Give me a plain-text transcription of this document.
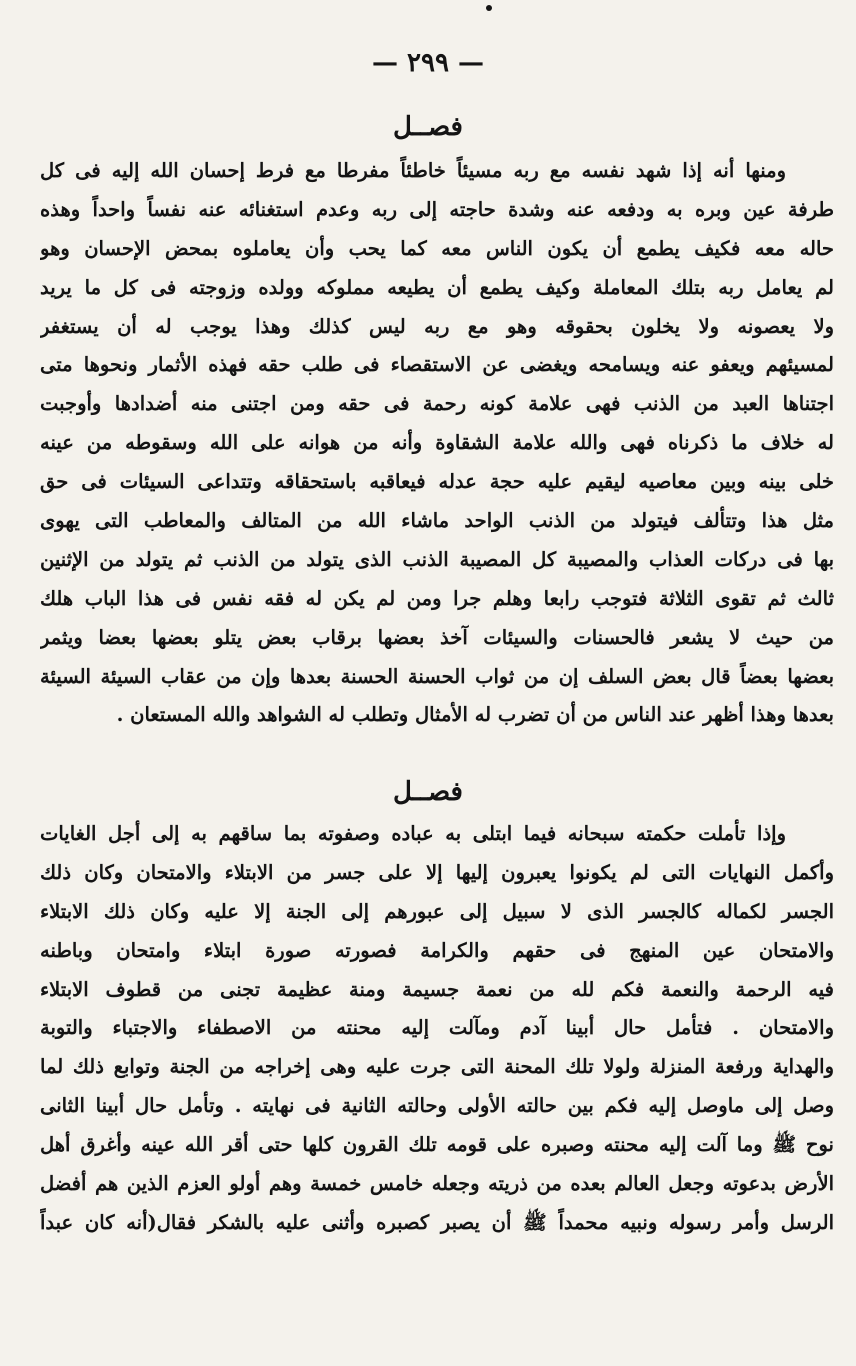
— ٢٩٩ —
فصــل
ومنها أنه إذا شهد نفسه مع ربه مسيئاً خاطئاً مفرطا مع فرط إحسان الله إليه فى كل
طرفة عين وبره به ودفعه عنه وشدة حاجته إلى ربه وعدم استغنائه عنه نفساً واحداً وهذه
حاله معه فكيف يطمع أن يكون الناس معه كما يحب وأن يعاملوه بمحض الإحسان وهو
لم يعامل ربه بتلك المعاملة وكيف يطمع أن يطيعه مملوكه وولده وزوجته فى كل ما يريد
ولا يعصونه ولا يخلون بحقوقه وهو مع ربه ليس كذلك وهذا يوجب له أن يستغفر
لمسيئهم ويعفو عنه ويسامحه ويغضى عن الاستقصاء فى طلب حقه فهذه الأثمار ونحوها متى
اجتناها العبد من الذنب فهى علامة كونه رحمة فى حقه ومن اجتنى منه أضدادها وأوجبت
له خلاف ما ذكرناه فهى والله علامة الشقاوة وأنه من هوانه على الله وسقوطه من عينه
خلى بينه وبين معاصيه ليقيم عليه حجة عدله فيعاقبه باستحقاقه وتتداعى السيئات فى حق
مثل هذا وتتألف فيتولد من الذنب الواحد ماشاء الله من المتالف والمعاطب التى يهوى
بها فى دركات العذاب والمصيبة كل المصيبة الذنب الذى يتولد من الذنب ثم يتولد من الإثنين
ثالث ثم تقوى الثلاثة فتوجب رابعا وهلم جرا ومن لم يكن له فقه نفس فى هذا الباب هلك
من حيث لا يشعر فالحسنات والسيئات آخذ بعضها برقاب بعض يتلو بعضها بعضا ويثمر
بعضها بعضاً قال بعض السلف إن من ثواب الحسنة الحسنة بعدها وإن من عقاب السيئة السيئة
بعدها وهذا أظهر عند الناس من أن تضرب له الأمثال وتطلب له الشواهد والله المستعان .
فصــل
وإذا تأملت حكمته سبحانه فيما ابتلى به عباده وصفوته بما ساقهم به إلى أجل الغايات
وأكمل النهايات التى لم يكونوا يعبرون إليها إلا على جسر من الابتلاء والامتحان وكان ذلك
الجسر لكماله كالجسر الذى لا سبيل إلى عبورهم إلى الجنة إلا عليه وكان ذلك الابتلاء
والامتحان عين المنهج فى حقهم والكرامة فصورته صورة ابتلاء وامتحان وباطنه
فيه الرحمة والنعمة فكم لله من نعمة جسيمة ومنة عظيمة تجنى من قطوف الابتلاء
والامتحان . فتأمل حال أبينا آدم ومآلت إليه محنته من الاصطفاء والاجتباء والتوبة
والهداية ورفعة المنزلة ولولا تلك المحنة التى جرت عليه وهى إخراجه من الجنة وتوابع ذلك لما
وصل إلى ماوصل إليه فكم بين حالته الأولى وحالته الثانية فى نهايته . وتأمل حال أبينا الثانى
نوح ﷺ وما آلت إليه محنته وصبره على قومه تلك القرون كلها حتى أقر الله عينه وأغرق أهل
الأرض بدعوته وجعل العالم بعده من ذريته وجعله خامس خمسة وهم أولو العزم الذين هم أفضل
الرسل وأمر رسوله ونبيه محمداً ﷺ أن يصبر كصبره وأثنى عليه بالشكر فقال(أنه كان عبداً
